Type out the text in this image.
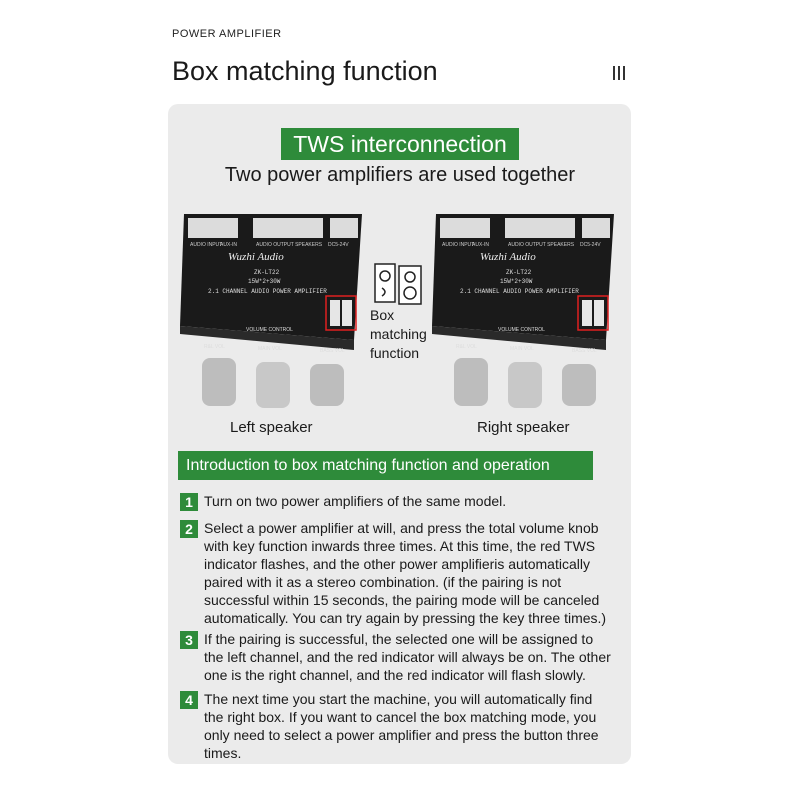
POWER AMPLIFIER
Box matching function
TWS interconnection
Two power amplifiers are used together
AUDIO INPUT
AUX-IN	AUDIO OUTPUT SPEAKERS DC5-24V
Wuzhi Audio
ZK-LT22
15W*2+30W
2.1 CHANNEL AUDIO POWER AMPLIFIER
VOLUME CONTROL
R&L VOL	MAIN VOL	BASS VOL
AUDIO INPUT
AUX-IN	AUDIO OUTPUT SPEAKERS DC5-24V
Wuzhi Audio
ZK-LT22
15W*2+30W
2.1 CHANNEL AUDIO POWER AMPLIFIER
VOLUME CONTROL
R&L VOL	MAIN VOL	BASS VOL
Box
matching
function
Left speaker	Right speaker
Introduction to box matching function and operation
1 Turn on two power amplifiers of the same model.
2 Select a power amplifier at will, and press the total volume knob
with key function inwards three times. At this time, the red TWS
indicator flashes, and the other power amplifieris automatically
paired with it as a stereo combination. (if the pairing is not
successful within 15 seconds, the pairing mode will be canceled
automatically. You can try again by pressing the key three times.)
3 If the pairing is successful, the selected one will be assigned to
the left channel, and the red indicator will always be on. The other
one is the right channel, and the red indicator will flash slowly.
4 The next time you start the machine, you will automatically find
the right box. If you want to cancel the box matching mode, you
only need to select a power amplifier and press the button three
times.
